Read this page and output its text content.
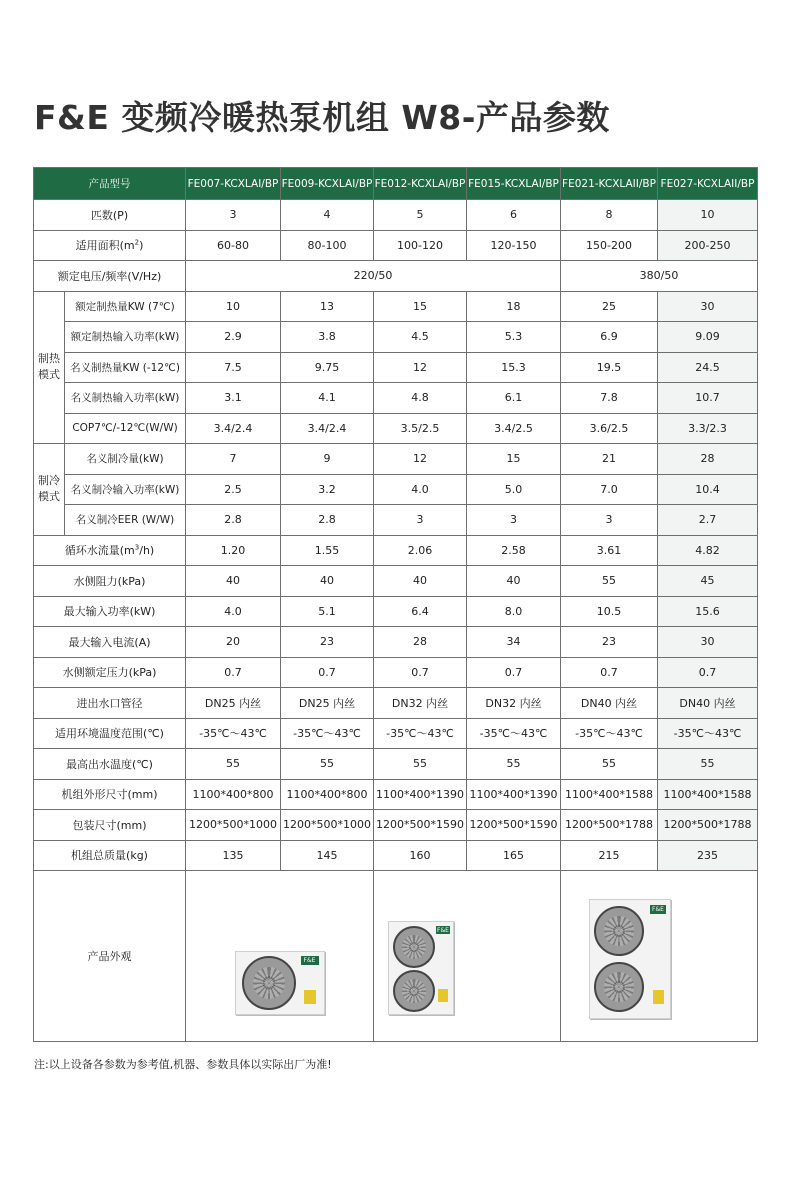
F&E 变频冷暖热泵机组 W8-产品参数
产品型号		FE007-KCXLAI/BP	FE009-KCXLAI/BP	FE012-KCXLAI/BP	FE015-KCXLAI/BP	FE021-KCXLAII/BP	FE027-KCXLAII/BP
匹数(P)		3	4	5	6	8	10
适用面积$(m^2)$		60-80	80-100	100-120	120-150	150-200	200-250
额定电压/频率(V/Hz)		220/50				380/50	
制热
模式	额定制热量KW (7℃)	10	13	15	18	25	30
	额定制热输入功率(kW)	2.9	3.8	4.5	5.3	6.9	9.09
	名义制热量KW (-12℃)	7.5	9.75	12	15.3	19.5	24.5
	名义制热输入功率(kW)	3.1	4.1	4.8	6.1	7.8	10.7
	COP7℃/-12℃(W/W)	3.4/2.4	3.4/2.4	3.5/2.5	3.4/2.5	3.6/2.5	3.3/2.3
制冷
模式	名义制冷量(kW)	7	9	12	15	21	28
	名义制冷输入功率(kW)	2.5	3.2	4.0	5.0	7.0	10.4
	名义制冷EER (W/W)	2.8	2.8	3	3	3	2.7
循环水流量$(m^3/h)$		1.20	1.55	2.06	2.58	3.61	4.82
水侧阻力(kPa)		40	40	40	40	55	45
最大输入功率(kW)		4.0	5.1	6.4	8.0	10.5	15.6
最大输入电流(A)		20	23	28	34	23	30
水侧额定压力(kPa)		0.7	0.7	0.7	0.7	0.7	0.7
进出水口管径		DN25 内丝	DN25 内丝	DN32 内丝	DN32 内丝	DN40 内丝	DN40 内丝
适用环境温度范围(℃)		-35℃～43℃	-35℃～43℃	-35℃～43℃	-35℃～43℃	-35℃～43℃	-35℃～43℃
最高出水温度(℃)		55	55	55	55	55	55
机组外形尺寸(mm)		1100*400*800	1100*400*800	1100*400*1390	1100*400*1390	1100*400*1588	1100*400*1588
包装尺寸(mm)		1200*500*1000	1200*500*1000	1200*500*1590	1200*500*1590	1200*500*1788	1200*500*1788
机组总质量(kg)		135	145	160	165	215	235
产品外观		F&E		F&E		F&E	
注:以上设备各参数为参考值,机器、参数具体以实际出厂为准!
